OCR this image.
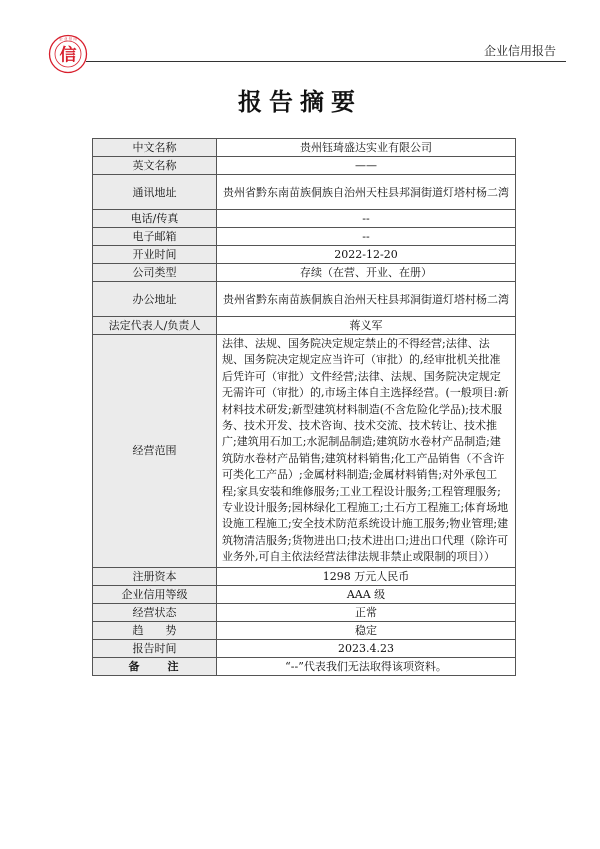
信
企 业 信 用
企业信用报告
报告摘要
中文名称	贵州钰琦盛达实业有限公司
英文名称	——
通讯地址	贵州省黔东南苗族侗族自治州天柱县邦洞街道灯塔村杨二湾
电话/传真	--
电子邮箱	--
开业时间	2022-12-20
公司类型	存续（在营、开业、在册）
办公地址	贵州省黔东南苗族侗族自治州天柱县邦洞街道灯塔村杨二湾
法定代表人/负责人	蒋义军
经营范围	法律、法规、国务院决定规定禁止的不得经营;法律、法规、国务院决定规定应当许可（审批）的,经审批机关批准后凭许可（审批）文件经营;法律、法规、国务院决定规定无需许可（审批）的,市场主体自主选择经营。(一般项目:新材料技术研发;新型建筑材料制造(不含危险化学品);技术服务、技术开发、技术咨询、技术交流、技术转让、技术推广;建筑用石加工;水泥制品制造;建筑防水卷材产品制造;建筑防水卷材产品销售;建筑材料销售;化工产品销售（不含许可类化工产品）;金属材料制造;金属材料销售;对外承包工程;家具安装和维修服务;工业工程设计服务;工程管理服务;专业设计服务;园林绿化工程施工;土石方工程施工;体育场地设施工程施工;安全技术防范系统设计施工服务;物业管理;建筑物清洁服务;货物进出口;技术进出口;进出口代理（除许可业务外,可自主依法经营法律法规非禁止或限制的项目））
注册资本	1298 万元人民币
企业信用等级	AAA 级
经营状态	正常
趋　　势	稳定
报告时间	2023.4.23
备　　注	“--”代表我们无法取得该项资料。
